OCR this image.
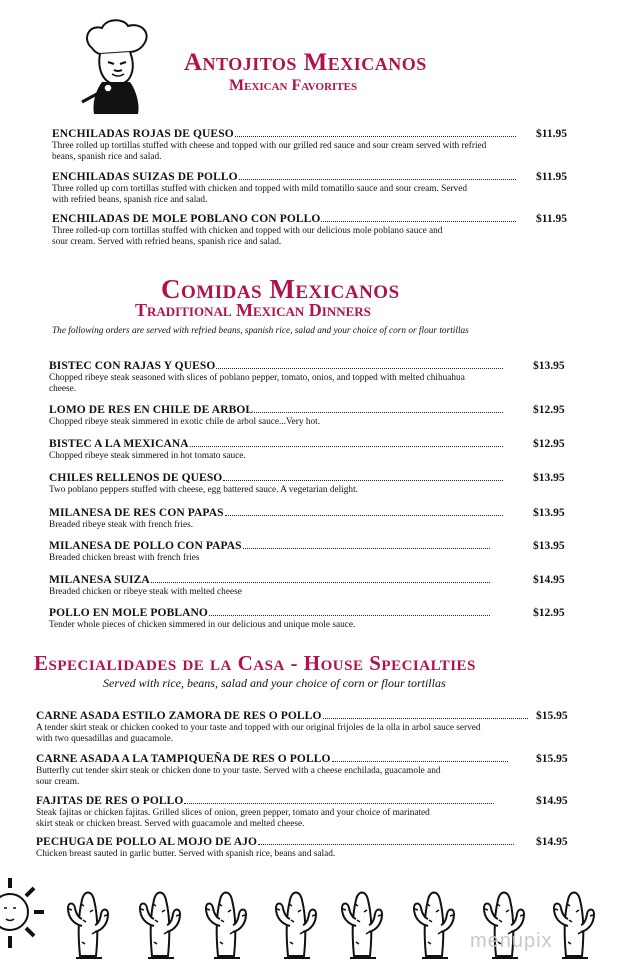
Antojitos Mexicanos
Mexican Favorites
ENCHILADAS ROJAS DE QUESO	$11.95
Three rolled up tortillas stuffed with cheese and topped with our grilled red sauce and sour cream served with refried beans, spanish rice and salad.
ENCHILADAS SUIZAS DE POLLO	$11.95
Three rolled up corn tortillas stuffed with chicken and topped with mild tomatillo sauce and sour cream. Served with refried beans, spanish rice and salad.
ENCHILADAS DE MOLE POBLANO CON POLLO	$11.95
Three rolled-up corn tortillas stuffed with chicken and topped with our delicious mole poblano sauce and sour cream. Served with refried beans, spanish rice and salad.
Comidas Mexicanos
Traditional Mexican Dinners
The following orders are served with refried beans, spanish rice, salad and your choice of corn or flour tortillas
BISTEC CON RAJAS Y QUESO	$13.95
Chopped ribeye steak seasoned with slices of poblano pepper, tomato, onios, and topped with melted chihuahua cheese.
LOMO DE RES EN CHILE DE ARBOL	$12.95
Chopped ribeye steak simmered in exotic chile de arbol sauce...Very hot.
BISTEC A LA MEXICANA	$12.95
Chopped ribeye steak simmered in hot tomato sauce.
CHILES RELLENOS DE QUESO	$13.95
Two poblano peppers stuffed with cheese, egg battered sauce. A vegetarian delight.
MILANESA DE RES CON PAPAS	$13.95
Breaded ribeye steak with french fries.
MILANESA DE POLLO CON PAPAS	$13.95
Breaded chicken breast with french fries
MILANESA SUIZA	$14.95
Breaded chicken or ribeye steak with melted cheese
POLLO EN MOLE POBLANO	$12.95
Tender whole pieces of chicken simmered in our delicious and unique mole sauce.
Especialidades de la Casa - House Specialties
Served with rice, beans, salad and your choice of corn or flour tortillas
CARNE ASADA ESTILO ZAMORA DE RES O POLLO	$15.95
A tender skirt steak or chicken cooked to your taste and topped with our original frijoles de la olla in arbol sauce served with two quesadillas and guacamole.
CARNE ASADA A LA TAMPIQUEÑA DE RES O POLLO	$15.95
Butterfly cut tender skirt steak or chicken done to your taste. Served with a cheese enchilada, guacamole and sour cream.
FAJITAS DE RES O POLLO	$14.95
Steak fajitas or chicken fajitas. Grilled slices of onion, green pepper, tomato and your choice of marinated skirt steak or chicken breast. Served with guacamole and melted cheese.
PECHUGA DE POLLO AL MOJO DE AJO	$14.95
Chicken breast sauted in garlic butter. Served with spanish rice, beans and salad.
menupix
